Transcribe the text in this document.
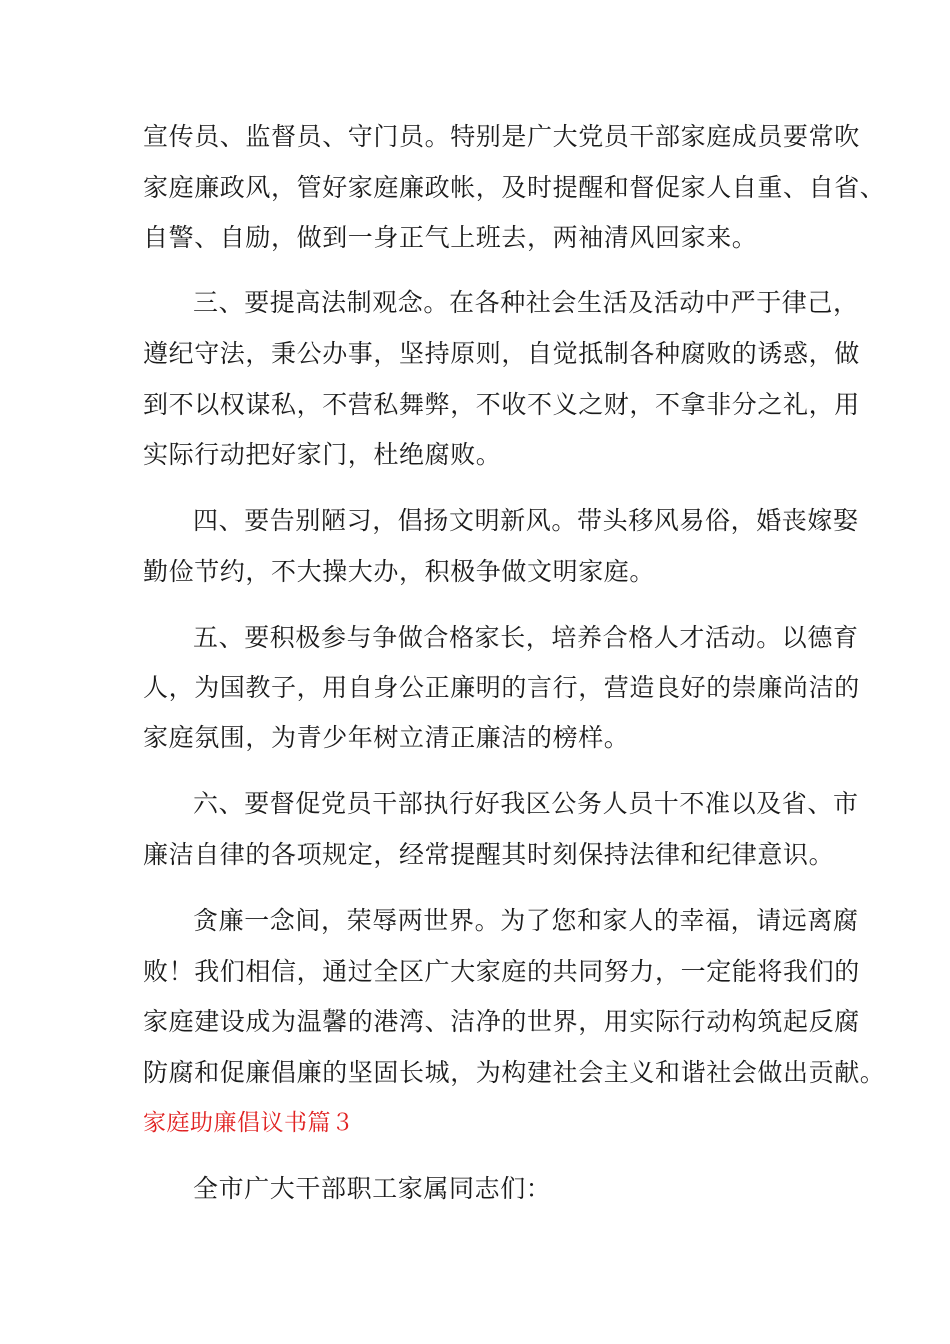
宣传员、监督员、守门员。特别是广大党员干部家庭成员要常吹
家庭廉政风，管好家庭廉政帐，及时提醒和督促家人自重、自省、
自警、自励，做到一身正气上班去，两袖清风回家来。
三、要提高法制观念。在各种社会生活及活动中严于律己，
遵纪守法，秉公办事，坚持原则，自觉抵制各种腐败的诱惑，做
到不以权谋私，不营私舞弊，不收不义之财，不拿非分之礼，用
实际行动把好家门，杜绝腐败。
四、要告别陋习，倡扬文明新风。带头移风易俗，婚丧嫁娶
勤俭节约，不大操大办，积极争做文明家庭。
五、要积极参与争做合格家长，培养合格人才活动。以德育
人，为国教子，用自身公正廉明的言行，营造良好的崇廉尚洁的
家庭氛围，为青少年树立清正廉洁的榜样。
六、要督促党员干部执行好我区公务人员十不准以及省、市
廉洁自律的各项规定，经常提醒其时刻保持法律和纪律意识。
贪廉一念间，荣辱两世界。为了您和家人的幸福，请远离腐
败！我们相信，通过全区广大家庭的共同努力，一定能将我们的
家庭建设成为温馨的港湾、洁净的世界，用实际行动构筑起反腐
防腐和促廉倡廉的坚固长城，为构建社会主义和谐社会做出贡献。
家庭助廉倡议书篇３
全市广大干部职工家属同志们：
